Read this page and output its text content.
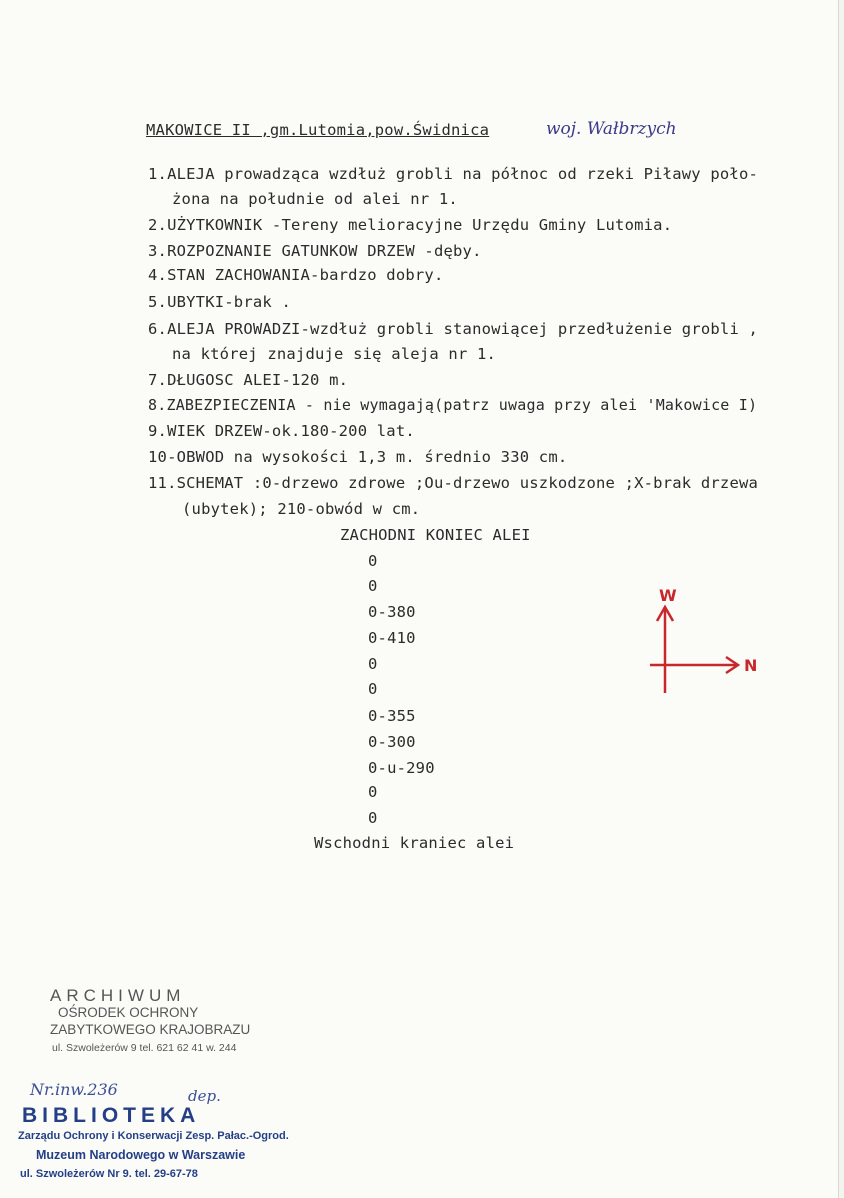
MAKOWICE II ,gm.Lutomia,pow.Świdnica	woj. Wałbrzych
1.ALEJA prowadząca wzdłuż grobli na północ od rzeki Piławy poło-
żona na południe od alei nr 1.
2.UŻYTKOWNIK -Tereny melioracyjne Urzędu Gminy Lutomia.
3.ROZPOZNANIE GATUNKOW DRZEW -dęby.
4.STAN ZACHOWANIA-bardzo dobry.
5.UBYTKI-brak .
6.ALEJA PROWADZI-wzdłuż grobli stanowiącej przedłużenie grobli ,
na której znajduje się aleja nr 1.
7.DŁUGOSC ALEI-120 m.
8.ZABEZPIECZENIA - nie wymagają(patrz uwaga przy alei 'Makowice I)
9.WIEK DRZEW-ok.180-200 lat.
10-OBWOD na wysokości 1,3 m. średnio 330 cm.
11.SCHEMAT :0-drzewo zdrowe ;Ou-drzewo uszkodzone ;X-brak drzewa
(ubytek); 210-obwód w cm.
ZACHODNI KONIEC ALEI
0
0
0-380
0-410
0
0
0-355
0-300
0-u-290
0
0
Wschodni kraniec alei
W
N
ARCHIWUM
OŚRODEK OCHRONY
ZABYTKOWEGO KRAJOBRAZU
ul. Szwoleżerów 9 tel. 621 62 41 w. 244
Nr.inw.236	dep.
BIBLIOTEKA
Zarządu Ochrony i Konserwacji Zesp. Pałac.-Ogrod.
Muzeum Narodowego w Warszawie
ul. Szwoleżerów Nr 9. tel. 29-67-78
